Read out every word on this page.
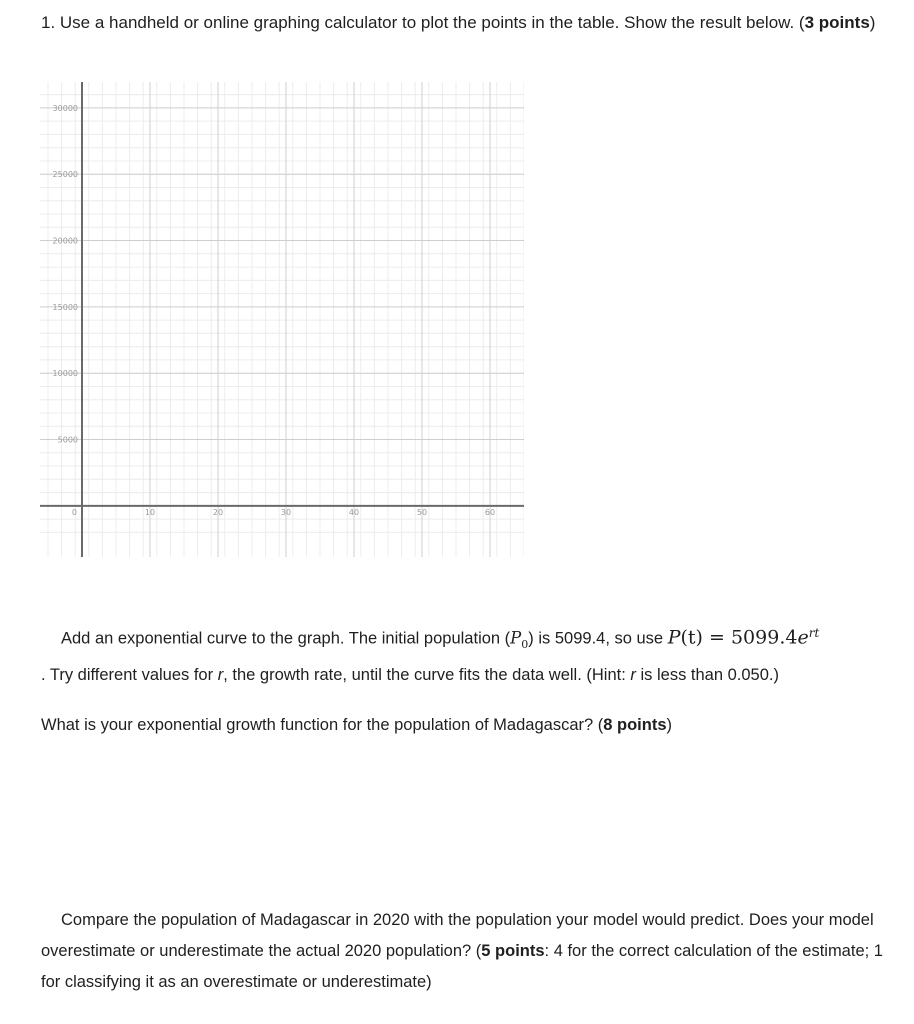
1. Use a handheld or online graphing calculator to plot the points in the table. Show the result below. (3 points)
0	10	20	30	40	50	60
5000
10000
15000
20000
25000
30000
Add an exponential curve to the graph. The initial population $(P_0)$ is 5099.4, so use $P(t) = 5099.4e^{rt}$
. Try different values for r, the growth rate, until the curve fits the data well. (Hint: r is less than 0.050.)
What is your exponential growth function for the population of Madagascar? (8 points)
Compare the population of Madagascar in 2020 with the population your model would predict. Does your model overestimate or underestimate the actual 2020 population? (5 points: 4 for the correct calculation of the estimate; 1 for classifying it as an overestimate or underestimate)
